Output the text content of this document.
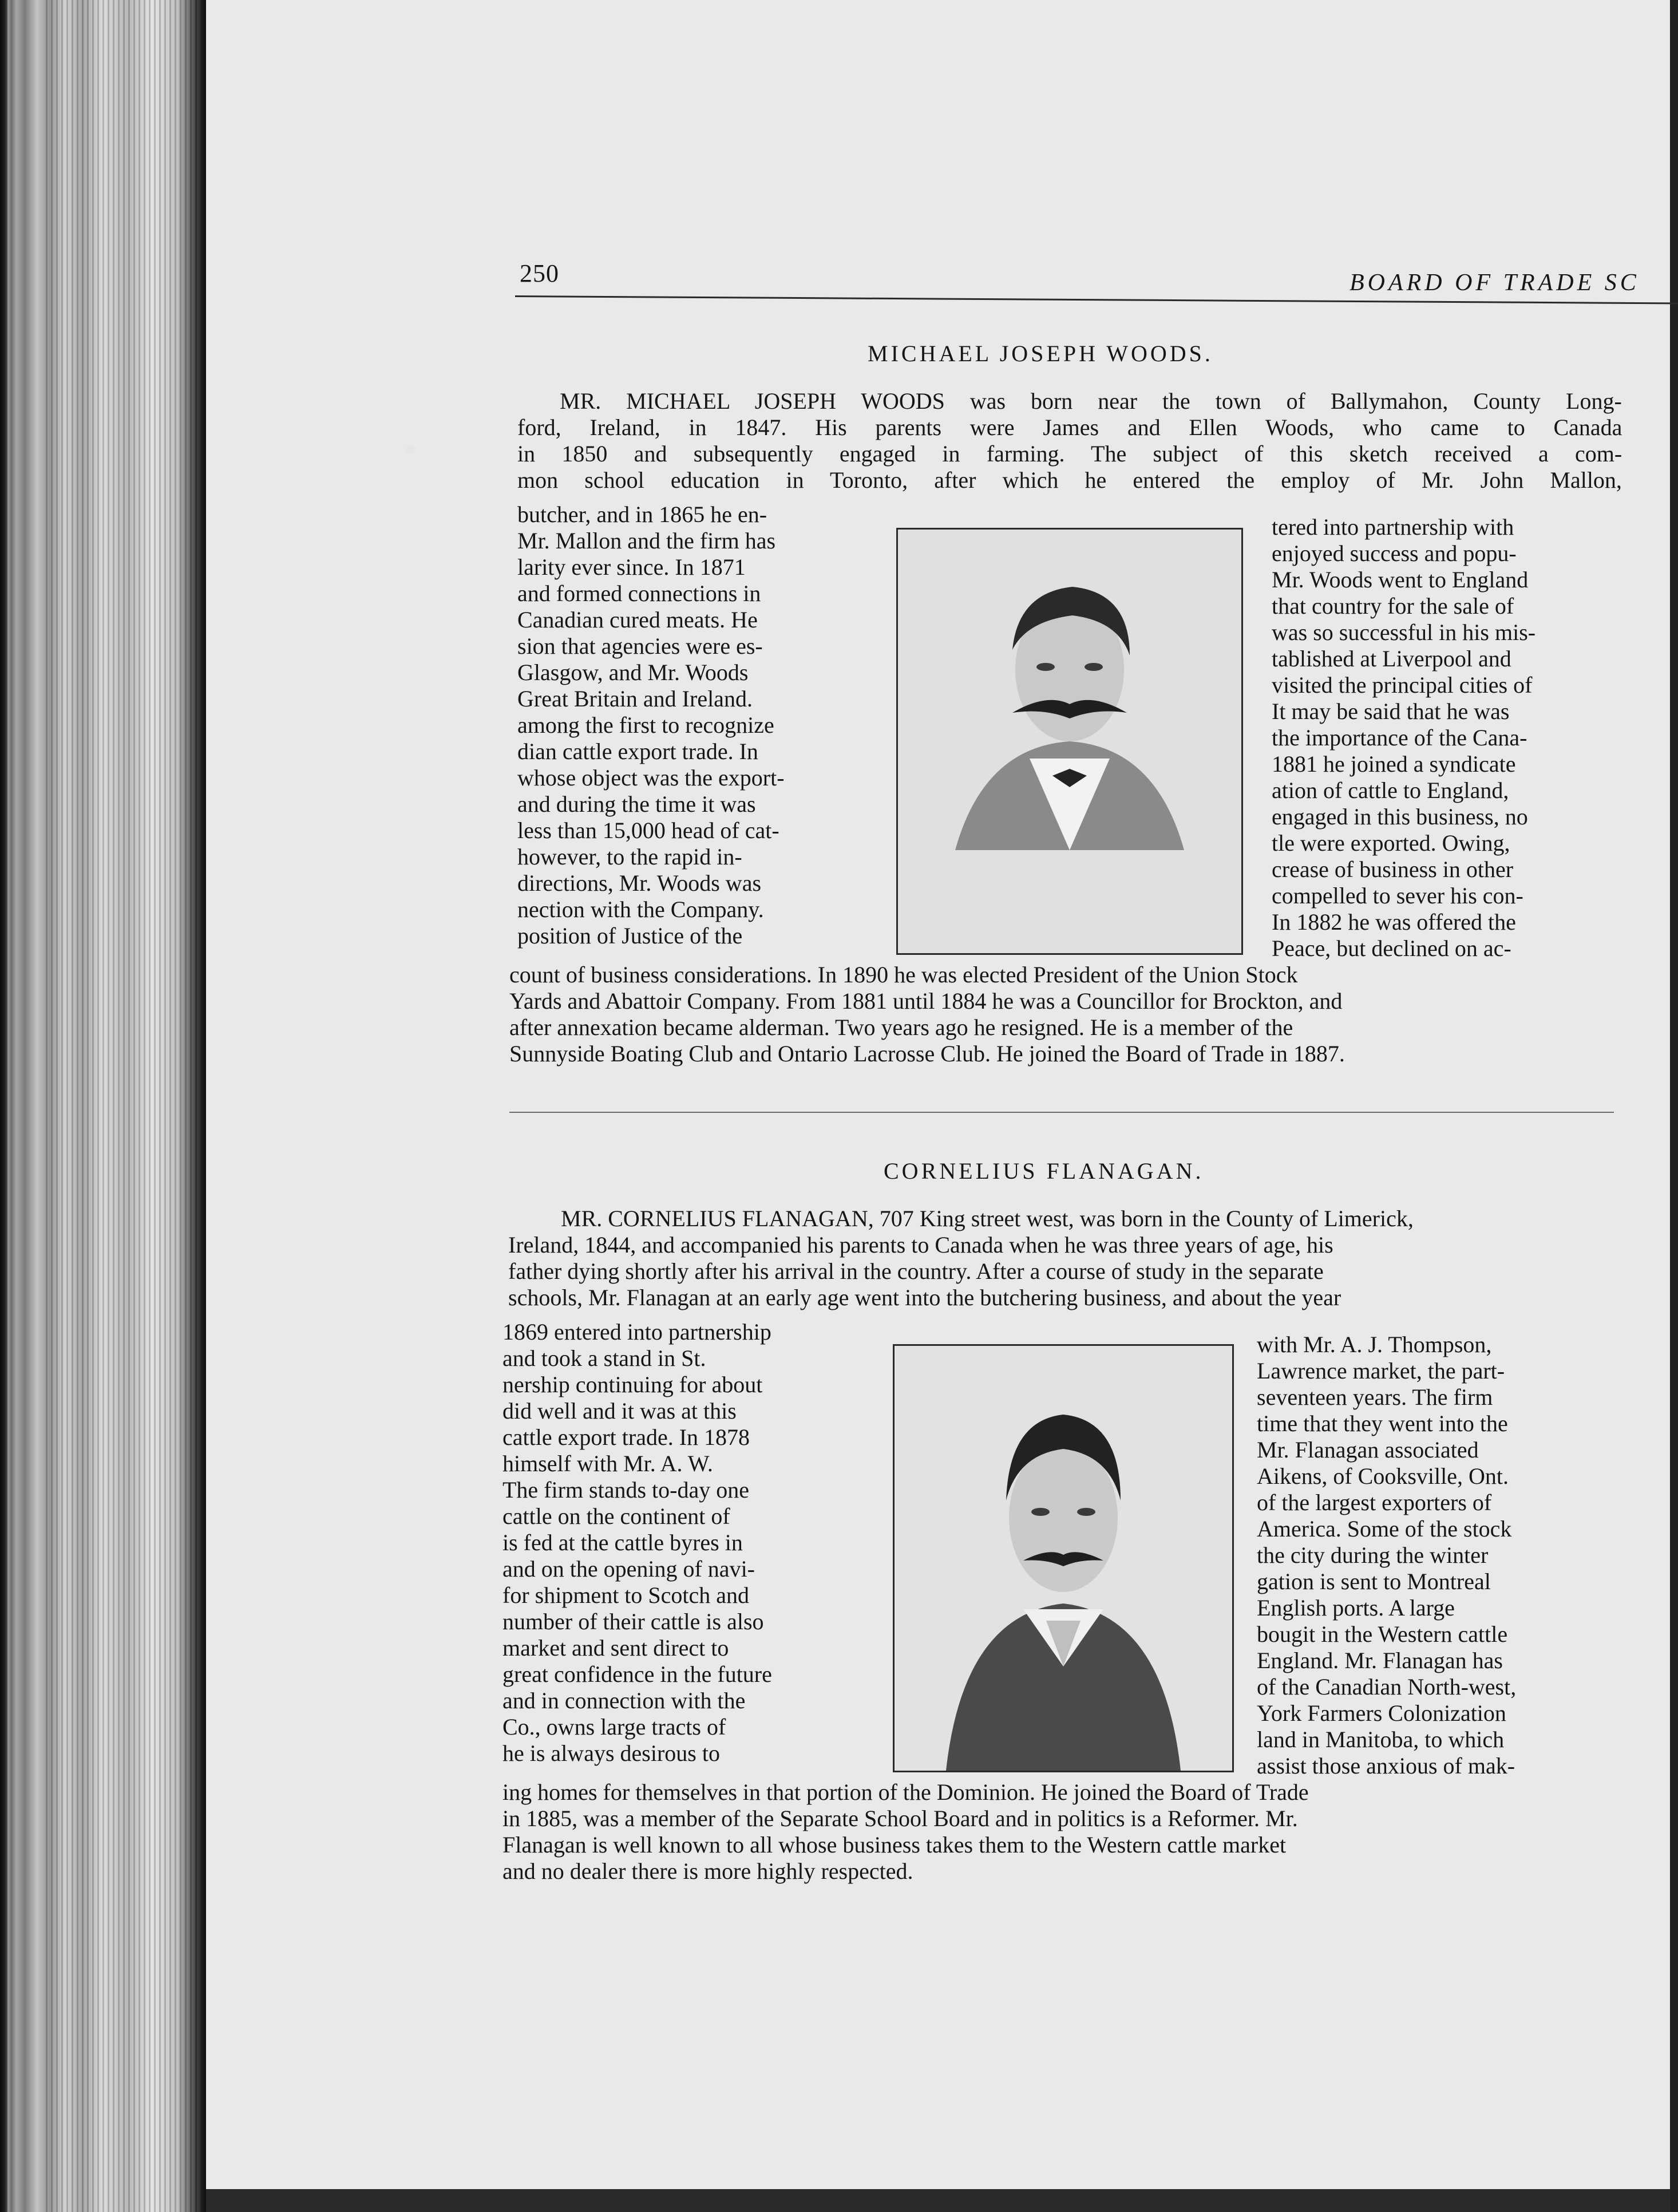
250	BOARD OF TRADE SC
MICHAEL JOSEPH WOODS.
MR. MICHAEL JOSEPH WOODS was born near the town of Ballymahon, County Long-
ford, Ireland, in 1847. His parents were James and Ellen Woods, who came to Canada
in 1850 and subsequently engaged in farming. The subject of this sketch received a com-
mon school education in Toronto, after which he entered the employ of Mr. John Mallon,
butcher, and in 1865 he en-
Mr. Mallon and the firm has
larity ever since. In 1871
and formed connections in
Canadian cured meats. He
sion that agencies were es-
Glasgow, and Mr. Woods
Great Britain and Ireland.
among the first to recognize
dian cattle export trade. In
whose object was the export-
and during the time it was
less than 15,000 head of cat-
however, to the rapid in-
directions, Mr. Woods was
nection with the Company.
position of Justice of the
tered into partnership with
enjoyed success and popu-
Mr. Woods went to England
that country for the sale of
was so successful in his mis-
tablished at Liverpool and
visited the principal cities of
It may be said that he was
the importance of the Cana-
1881 he joined a syndicate
ation of cattle to England,
engaged in this business, no
tle were exported. Owing,
crease of business in other
compelled to sever his con-
In 1882 he was offered the
Peace, but declined on ac-
count of business considerations. In 1890 he was elected President of the Union Stock
Yards and Abattoir Company. From 1881 until 1884 he was a Councillor for Brockton, and
after annexation became alderman. Two years ago he resigned. He is a member of the
Sunnyside Boating Club and Ontario Lacrosse Club. He joined the Board of Trade in 1887.
CORNELIUS FLANAGAN.
MR. CORNELIUS FLANAGAN, 707 King street west, was born in the County of Limerick,
Ireland, 1844, and accompanied his parents to Canada when he was three years of age, his
father dying shortly after his arrival in the country. After a course of study in the separate
schools, Mr. Flanagan at an early age went into the butchering business, and about the year
1869 entered into partnership
and took a stand in St.
nership continuing for about
did well and it was at this
cattle export trade. In 1878
himself with Mr. A. W.
The firm stands to-day one
cattle on the continent of
is fed at the cattle byres in
and on the opening of navi-
for shipment to Scotch and
number of their cattle is also
market and sent direct to
great confidence in the future
and in connection with the
Co., owns large tracts of
he is always desirous to
with Mr. A. J. Thompson,
Lawrence market, the part-
seventeen years. The firm
time that they went into the
Mr. Flanagan associated
Aikens, of Cooksville, Ont.
of the largest exporters of
America. Some of the stock
the city during the winter
gation is sent to Montreal
English ports. A large
bougit in the Western cattle
England. Mr. Flanagan has
of the Canadian North-west,
York Farmers Colonization
land in Manitoba, to which
assist those anxious of mak-
ing homes for themselves in that portion of the Dominion. He joined the Board of Trade
in 1885, was a member of the Separate School Board and in politics is a Reformer. Mr.
Flanagan is well known to all whose business takes them to the Western cattle market
and no dealer there is more highly respected.
